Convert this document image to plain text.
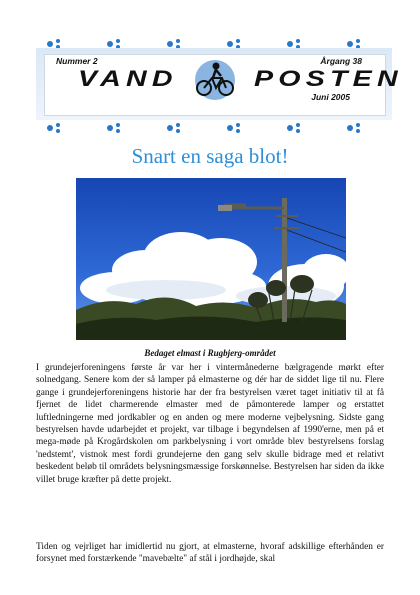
Nummer 2	Årgang 38
VAND	POSTEN
Juni 2005
Snart en saga blot!
Bedaget elmast i Rugbjerg-området

I grundejerforeningens første år var her i vintermånederne bælgragende mørkt efter solnedgang. Senere kom der så lamper på elmasterne og dér har de siddet lige til nu. Flere gange i grundejerforeningens historie har der fra bestyrelsen været taget initiativ til at få fjernet de lidet charmerende elmaster med de påmonterede lamper og erstattet luftledningerne med jordkabler og en anden og mere moderne vejbelysning. Sidste gang bestyrelsen havde udarbejdet et projekt, var tilbage i begyndelsen af 1990'erne, men på et mega-møde på Krogårdskolen om parkbelysning i vort område blev bestyrelsens forslag 'nedstemt', vistnok mest fordi grundejerne den gang selv skulle bidrage med et relativt beskedent beløb til områdets belysningsmæssige forskønnelse. Bestyrelsen har siden da ikke villet bruge kræfter på dette projekt.

Tiden og vejrliget har imidlertid nu gjort, at elmasterne, hvoraf adskillige efterhånden er forsynet med forstærkende "mavebælte" af stål i jordhøjde, skal
